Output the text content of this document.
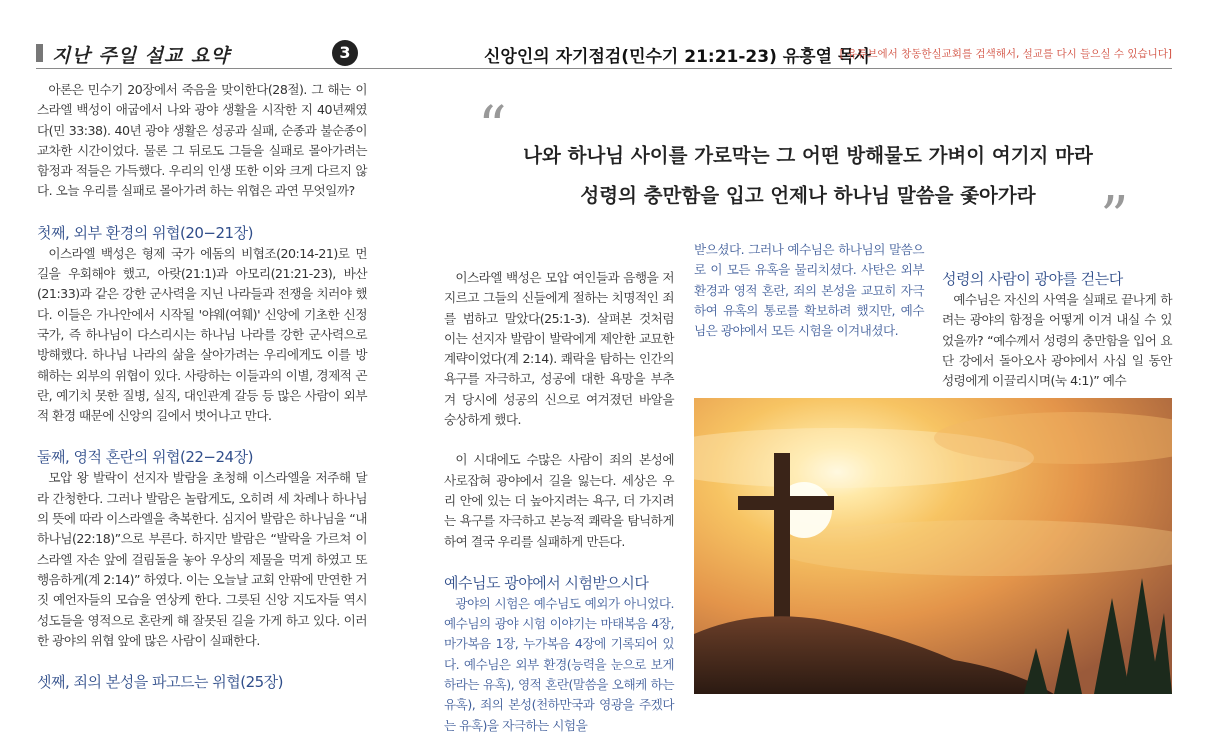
지난 주일 설교 요약	3	신앙인의 자기점검(민수기 21:21-23) 유흥열 목사
[ 유튜브에서 창동한실교회를 검색해서, 설교를 다시 들으실 수 있습니다]
“ 나와 하나님 사이를 가로막는 그 어떤 방해물도 가벼이 여기지 마라
성령의 충만함을 입고 언제나 하나님 말씀을 좇아가라	”

아론은 민수기 20장에서 죽음을 맞이한다(28절). 그 해는 이스라엘 백성이 애굽에서 나와 광야 생활을 시작한 지 40년째였다(민 33:38). 40년 광야 생활은 성공과 실패, 순종과 불순종이 교차한 시간이었다. 물론 그 뒤로도 그들을 실패로 몰아가려는 함정과 적들은 가득했다. 우리의 인생 또한 이와 크게 다르지 않다. 오늘 우리를 실패로 몰아가려 하는 위협은 과연 무엇일까?

첫째, 외부 환경의 위협(20−21장)

이스라엘 백성은 형제 국가 에돔의 비협조(20:14-21)로 먼 길을 우회해야 했고, 아랏(21:1)과 아모리(21:21-23), 바산(21:33)과 같은 강한 군사력을 지닌 나라들과 전쟁을 치러야 했다. 이들은 가나안에서 시작될 '야웨(여훼)' 신앙에 기초한 신정 국가, 즉 하나님이 다스리시는 하나님 나라를 강한 군사력으로 방해했다. 하나님 나라의 삶을 살아가려는 우리에게도 이를 방해하는 외부의 위협이 있다. 사랑하는 이들과의 이별, 경제적 곤란, 예기치 못한 질병, 실직, 대인관계 갈등 등 많은 사람이 외부적 환경 때문에 신앙의 길에서 벗어나고 만다.

둘째, 영적 혼란의 위협(22−24장)

모압 왕 발락이 선지자 발람을 초청해 이스라엘을 저주해 달라 간청한다. 그러나 발람은 놀랍게도, 오히려 세 차례나 하나님의 뜻에 따라 이스라엘을 축복한다. 심지어 발람은 하나님을 “내 하나님(22:18)”으로 부른다. 하지만 발람은 “발락을 가르쳐 이스라엘 자손 앞에 걸림돌을 놓아 우상의 제물을 먹게 하였고 또 행음하게(계 2:14)” 하였다. 이는 오늘날 교회 안팎에 만연한 거짓 예언자들의 모습을 연상케 한다. 그릇된 신앙 지도자들 역시 성도들을 영적으로 혼란케 해 잘못된 길을 가게 하고 있다. 이러한 광야의 위협 앞에 많은 사람이 실패한다.

셋째, 죄의 본성을 파고드는 위협(25장)

이스라엘 백성은 모압 여인들과 음행을 저지르고 그들의 신들에게 절하는 치명적인 죄를 범하고 말았다(25:1-3). 살펴본 것처럼 이는 선지자 발람이 발락에게 제안한 교묘한 계략이었다(계 2:14). 쾌락을 탐하는 인간의 욕구를 자극하고, 성공에 대한 욕망을 부추겨 당시에 성공의 신으로 여겨졌던 바알을 숭상하게 했다.

이 시대에도 수많은 사람이 죄의 본성에 사로잡혀 광야에서 길을 잃는다. 세상은 우리 안에 있는 더 높아지려는 욕구, 더 가지려는 욕구를 자극하고 본능적 쾌락을 탐닉하게 하여 결국 우리를 실패하게 만든다.

예수님도 광야에서 시험받으시다

광야의 시험은 예수님도 예외가 아니었다. 예수님의 광야 시험 이야기는 마태복음 4장, 마가복음 1장, 누가복음 4장에 기록되어 있다. 예수님은 외부 환경(능력을 눈으로 보게 하라는 유혹), 영적 혼란(말씀을 오해케 하는 유혹), 죄의 본성(천하만국과 영광을 주겠다는 유혹)을 자극하는 시험을

받으셨다. 그러나 예수님은 하나님의 말씀으로 이 모든 유혹을 물리치셨다. 사탄은 외부 환경과 영적 혼란, 죄의 본성을 교묘히 자극하여 유혹의 통로를 확보하려 했지만, 예수님은 광야에서 모든 시험을 이겨내셨다.

성령의 사람이 광야를 걷는다

예수님은 자신의 사역을 실패로 끝나게 하려는 광야의 함정을 어떻게 이겨 내실 수 있었을까? “예수께서 성령의 충만함을 입어 요단 강에서 돌아오사 광야에서 사십 일 동안 성령에게 이끌리시며(눅 4:1)” 예수
